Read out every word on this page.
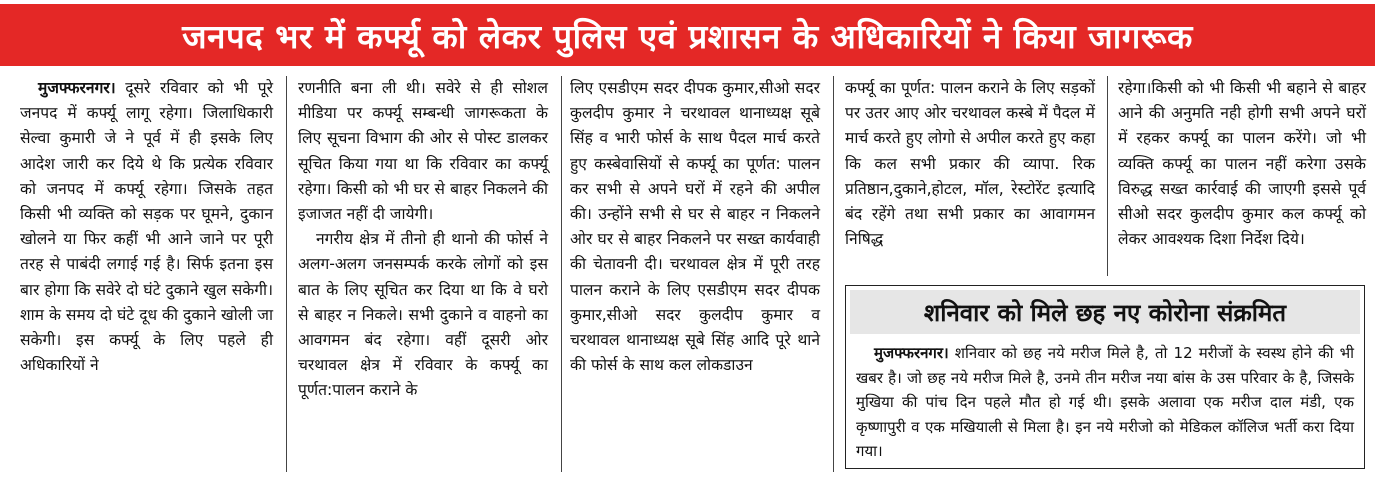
जनपद भर में कर्फ्यू को लेकर पुलिस एवं प्रशासन के अधिकारियों ने किया जागरूक

मुजफ्फरनगर। दूसरे रविवार को भी पूरे जनपद में कर्फ्यू लागू रहेगा। जिलाधिकारी सेल्वा कुमारी जे ने पूर्व में ही इसके लिए आदेश जारी कर दिये थे कि प्रत्येक रविवार को जनपद में कर्फ्यू रहेगा। जिसके तहत किसी भी व्यक्ति को सड़क पर घूमने, दुकान खोलने या फिर कहीं भी आने जाने पर पूरी तरह से पाबंदी लगाई गई है। सिर्फ इतना इस बार होगा कि सवेरे दो घंटे दुकाने खुल सकेगी। शाम के समय दो घंटे दूध की दुकाने खोली जा सकेगी। इस कर्फ्यू के लिए पहले ही अधिकारियों ने

रणनीति बना ली थी। सवेरे से ही सोशल मीडिया पर कर्फ्यू सम्बन्धी जागरूकता के लिए सूचना विभाग की ओर से पोस्ट डालकर सूचित किया गया था कि रविवार का कर्फ्यू रहेगा। किसी को भी घर से बाहर निकलने की इजाजत नहीं दी जायेगी।

नगरीय क्षेत्र में तीनो ही थानो की फोर्स ने अलग-अलग जनसम्पर्क करके लोगों को इस बात के लिए सूचित कर दिया था कि वे घरो से बाहर न निकले। सभी दुकाने व वाहनो का आवगमन बंद रहेगा। वहीं दूसरी ओर चरथावल क्षेत्र में रविवार के कर्फ्यू का पूर्णत:पालन कराने के

लिए एसडीएम सदर दीपक कुमार,सीओ सदर कुलदीप कुमार ने चरथावल थानाध्यक्ष सूबे सिंह व भारी फोर्स के साथ पैदल मार्च करते हुए कस्बेवासियों से कर्फ्यू का पूर्णत: पालन कर सभी से अपने घरों में रहने की अपील की। उन्होंने सभी से घर से बाहर न निकलने ओर घर से बाहर निकलने पर सख्त कार्यवाही की चेतावनी दी। चरथावल क्षेत्र में पूरी तरह पालन कराने के लिए एसडीएम सदर दीपक कुमार,सीओ सदर कुलदीप कुमार व चरथावल थानाध्यक्ष सूबे सिंह आदि पूरे थाने की फोर्स के साथ कल लोकडाउन

कर्फ्यू का पूर्णत: पालन कराने के लिए सड़कों पर उतर आए ओर चरथावल कस्बे में पैदल में मार्च करते हुए लोगो से अपील करते हुए कहा कि कल सभी प्रकार की व्यापा. रिक प्रतिष्ठान,दुकाने,होटल, मॉल, रेस्टोरेंट इत्यादि बंद रहेंगे तथा सभी प्रकार का आवागमन निषिद्ध

रहेगा।किसी को भी किसी भी बहाने से बाहर आने की अनुमति नही होगी सभी अपने घरों में रहकर कर्फ्यू का पालन करेंगे। जो भी व्यक्ति कर्फ्यू का पालन नहीं करेगा उसके विरुद्ध सख्त कार्रवाई की जाएगी इससे पूर्व सीओ सदर कुलदीप कुमार कल कर्फ्यू को लेकर आवश्यक दिशा निर्देश दिये।

शनिवार को मिले छह नए कोरोना संक्रमित

मुजफ्फरनगर। शनिवार को छह नये मरीज मिले है, तो 12 मरीजों के स्वस्थ होने की भी खबर है। जो छह नये मरीज मिले है, उनमे तीन मरीज नया बांस के उस परिवार के है, जिसके मुखिया की पांच दिन पहले मौत हो गई थी। इसके अलावा एक मरीज दाल मंडी, एक कृष्णापुरी व एक मखियाली से मिला है। इन नये मरीजो को मेडिकल कॉलिज भर्ती करा दिया गया।
